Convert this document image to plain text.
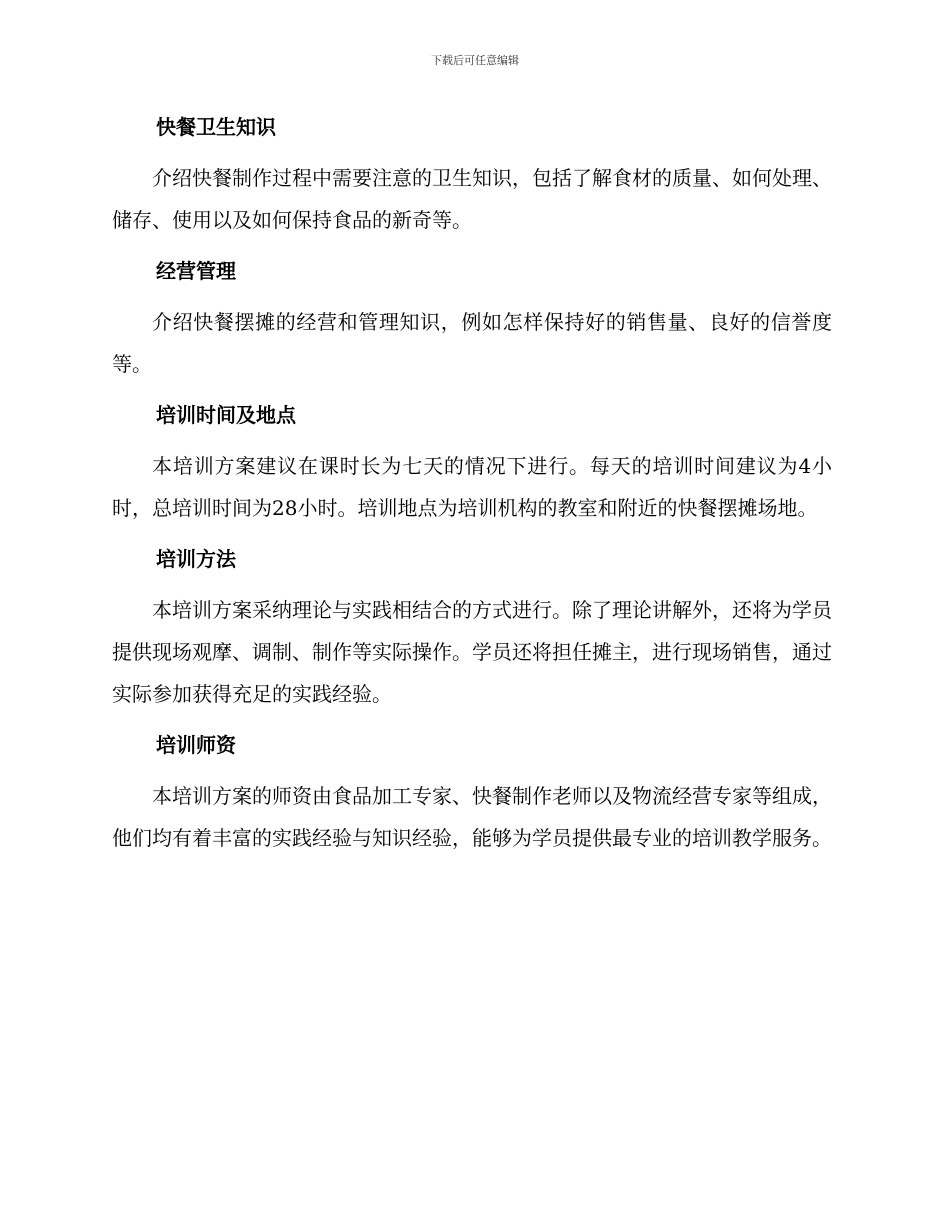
下载后可任意编辑
快餐卫生知识

介绍快餐制作过程中需要注意的卫生知识，包括了解食材的质量、如何处理、储存、使用以及如何保持食品的新奇等。

经营管理

介绍快餐摆摊的经营和管理知识，例如怎样保持好的销售量、良好的信誉度等。

培训时间及地点

本培训方案建议在课时长为七天的情况下进行。每天的培训时间建议为4小时，总培训时间为28小时。培训地点为培训机构的教室和附近的快餐摆摊场地。

培训方法

本培训方案采纳理论与实践相结合的方式进行。除了理论讲解外，还将为学员提供现场观摩、调制、制作等实际操作。学员还将担任摊主，进行现场销售，通过实际参加获得充足的实践经验。

培训师资

本培训方案的师资由食品加工专家、快餐制作老师以及物流经营专家等组成，他们均有着丰富的实践经验与知识经验，能够为学员提供最专业的培训教学服务。
